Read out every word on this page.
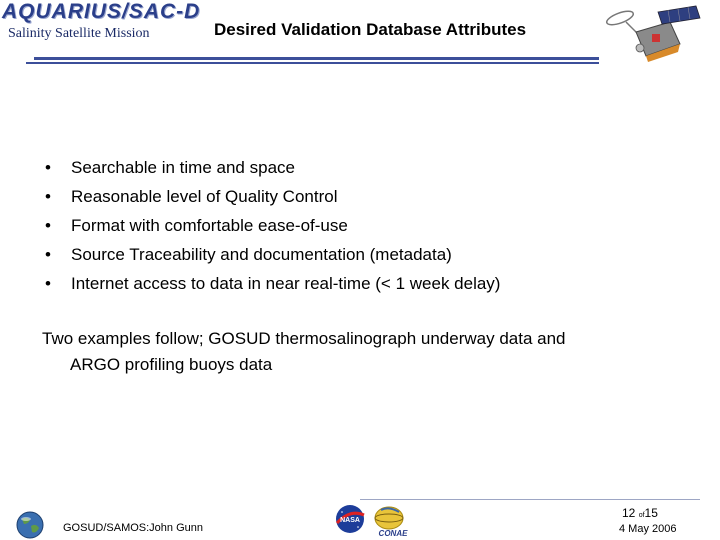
AQUARIUS/SAC-D
Salinity Satellite Mission	Desired Validation Database Attributes
• Searchable in time and space
• Reasonable level of Quality Control
• Format with comfortable ease-of-use
• Source Traceability and documentation (metadata)
• Internet access to data in near real-time (< 1 week delay)
Two examples follow; GOSUD thermosalinograph underway data and
ARGO profiling buoys data
GOSUD/SAMOS:John Gunn
NASA
CONAE
12 of15
4 May 2006
